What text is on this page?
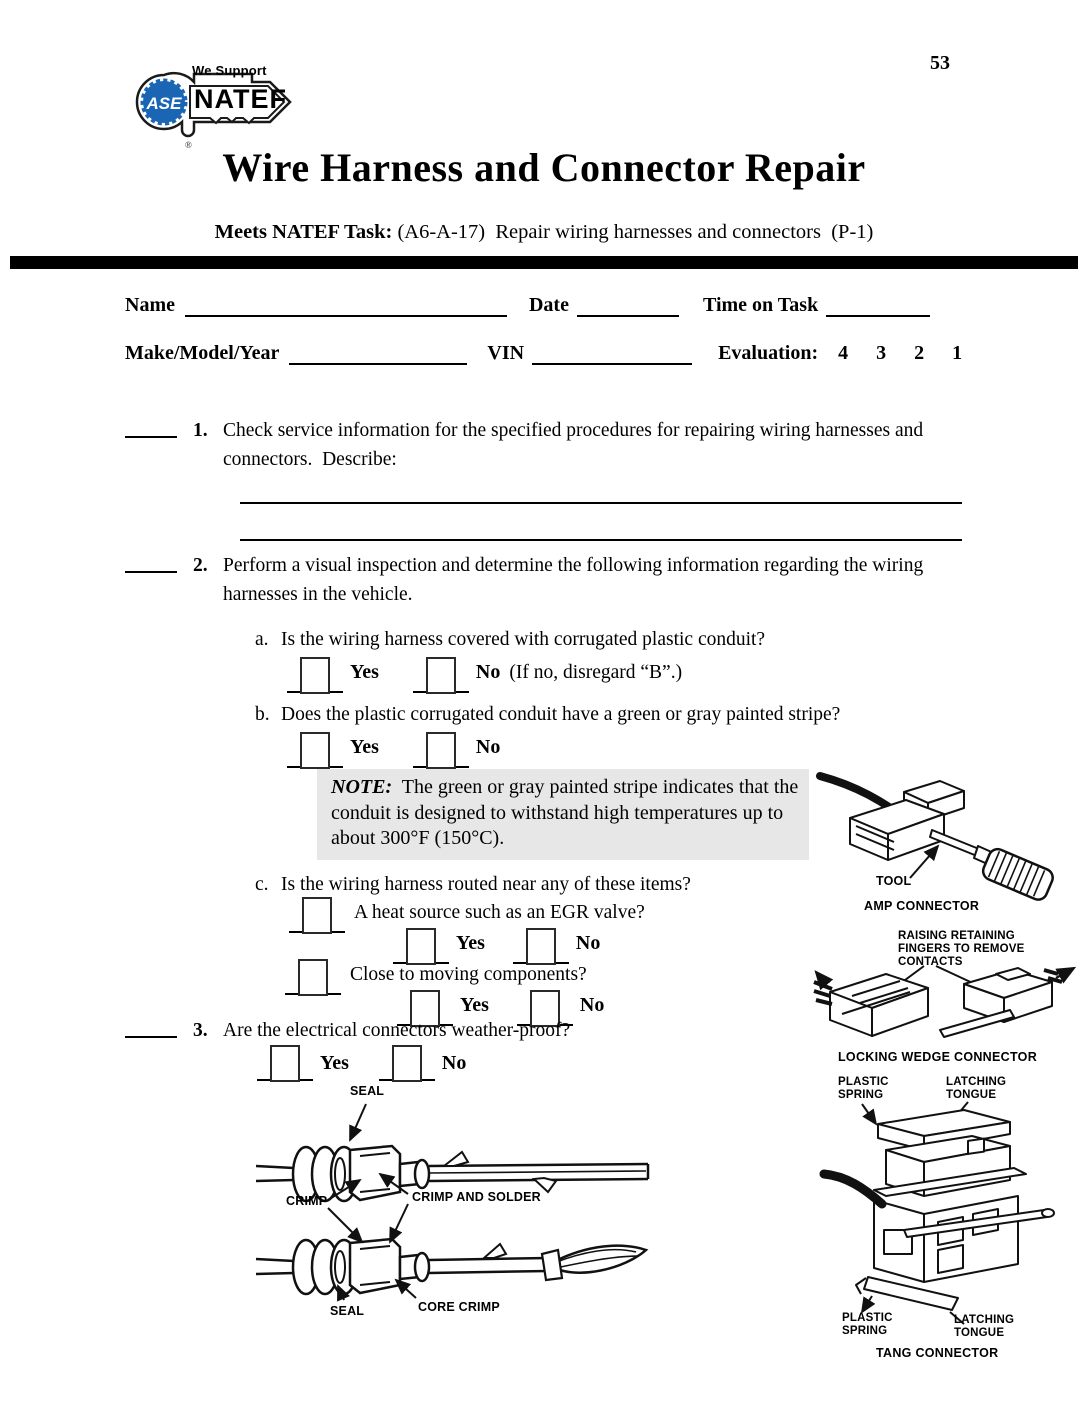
ASE
®
We Support
NATEF
53
Wire Harness and Connector Repair
Meets NATEF Task: (A6-A-17)  Repair wiring harnesses and connectors  (P-1)
Name	Date	Time on Task
Make/Model/Year	VIN	Evaluation: 4 3 2 1
1. Check service information for the specified procedures for repairing wiring harnesses and connectors.  Describe:
2. Perform a visual inspection and determine the following information regarding the wiring harnesses in the vehicle.
a. Is the wiring harness covered with corrugated plastic conduit?
Yes	No (If no, disregard “B”.)
b. Does the plastic corrugated conduit have a green or gray painted stripe?
Yes	No
NOTE:  The green or gray painted stripe indicates that the conduit is designed to withstand high temperatures up to about 300°F (150°C).
c. Is the wiring harness routed near any of these items?
A heat source such as an EGR valve?
Yes	No
Close to moving components?
Yes	No
3. Are the electrical connectors weather-proof?
Yes	No
TOOL
AMP CONNECTOR
RAISING RETAINING FINGERS TO REMOVE CONTACTS
LOCKING WEDGE CONNECTOR
PLASTIC SPRING
LATCHING TONGUE
PLASTIC SPRING
LATCHING TONGUE
TANG CONNECTOR
SEAL
CRIMP	CRIMP AND SOLDER
SEAL	CORE CRIMP
